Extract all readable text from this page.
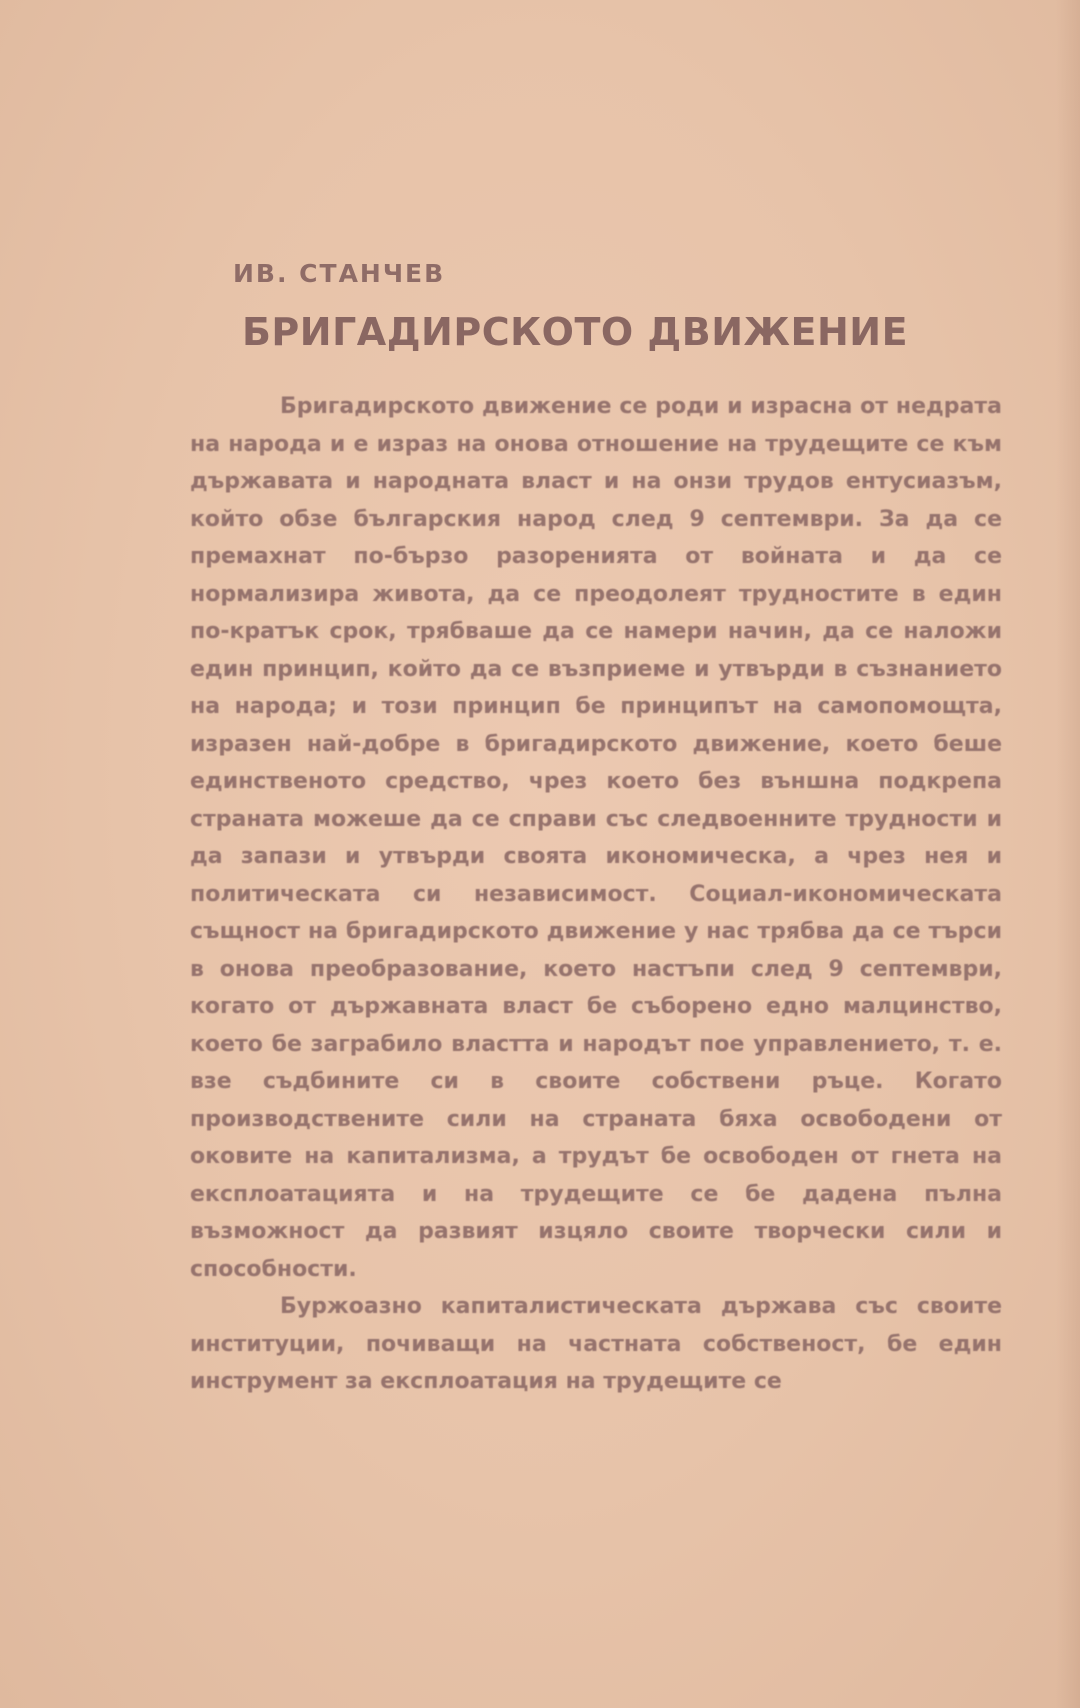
ИВ. СТАНЧЕВ
БРИГАДИРСКОТО ДВИЖЕНИЕ

Бригадирското движение се роди и израсна от недрата на народа и е израз на онова отношение на трудещите се към държавата и народната власт и на онзи трудов ентусиазъм, който обзе българския народ след 9 септември. За да се премахнат по-бързо разоренията от войната и да се нормализира живота, да се преодолеят трудностите в един по-кратък срок, трябваше да се намери начин, да се наложи един принцип, който да се възприеме и утвърди в съзнанието на народа; и този принцип бе принципът на самопомощта, изразен най-добре в бригадирското движение, което беше единственото средство, чрез което без външна подкрепа страната можеше да се справи със следвоенните трудности и да запази и утвърди своята икономическа, а чрез нея и политическата си независимост. Социал-икономическата същност на бригадирското движение у нас трябва да се търси в онова преобразование, което настъпи след 9 септември, когато от държавната власт бе съборено едно малцинство, което бе заграбило властта и народът пое управлението, т. е. взе съдбините си в своите собствени ръце. Когато производствените сили на страната бяха освободени от оковите на капитализма, а трудът бе освободен от гнета на експлоатацията и на трудещите се бе дадена пълна възможност да развият изцяло своите творчески сили и способности.

Буржоазно капиталистическата държава със своите институции, почиващи на частната собственост, бе един инструмент за експлоатация на трудещите се
